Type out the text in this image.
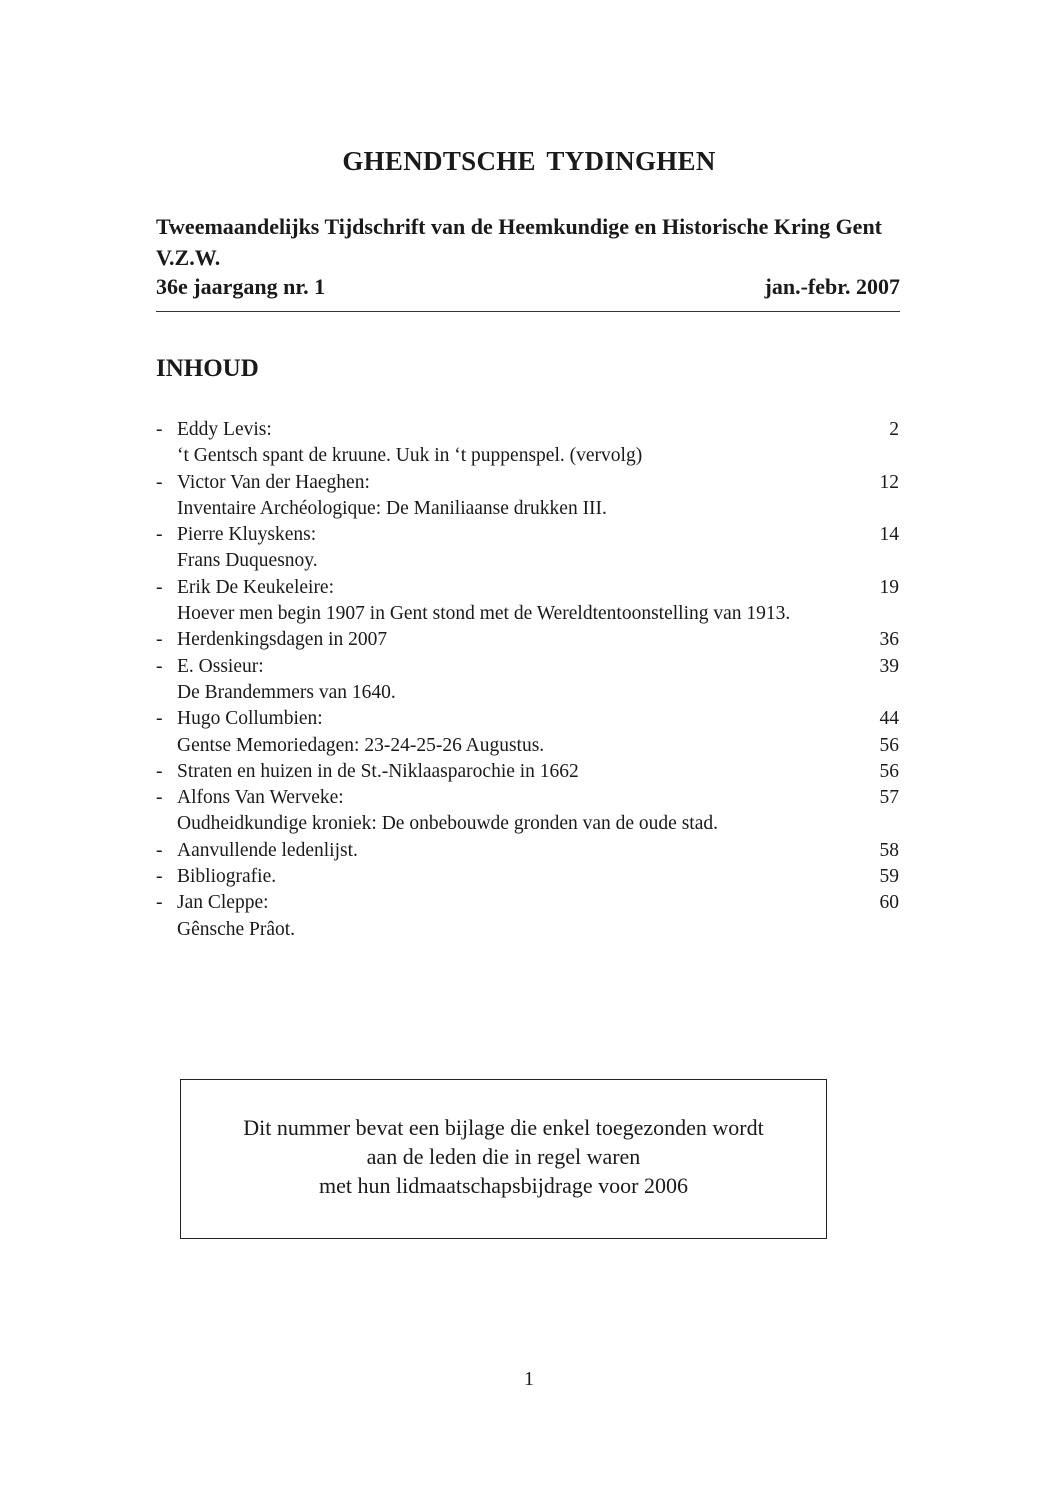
GHENDTSCHE TYDINGHEN
Tweemaandelijks Tijdschrift van de Heemkundige en Historische Kring Gent V.Z.W.
36e jaargang nr. 1	jan.-febr. 2007
INHOUD
- Eddy Levis:	2
‘t Gentsch spant de kruune. Uuk in ‘t puppenspel. (vervolg)
- Victor Van der Haeghen:	12
Inventaire Archéologique: De Maniliaanse drukken III.
- Pierre Kluyskens:	14
Frans Duquesnoy.
- Erik De Keukeleire:	19
Hoever men begin 1907 in Gent stond met de Wereldtentoonstelling van 1913.
- Herdenkingsdagen in 2007	36
- E. Ossieur:	39
De Brandemmers van 1640.
- Hugo Collumbien:	44
Gentse Memoriedagen: 23-24-25-26 Augustus.	56
- Straten en huizen in de St.-Niklaasparochie in 1662	56
- Alfons Van Werveke:	57
Oudheidkundige kroniek: De onbebouwde gronden van de oude stad.
- Aanvullende ledenlijst.	58
- Bibliografie.	59
- Jan Cleppe:	60
Gênsche Prâot.
Dit nummer bevat een bijlage die enkel toegezonden wordt
aan de leden die in regel waren
met hun lidmaatschapsbijdrage voor 2006
1
